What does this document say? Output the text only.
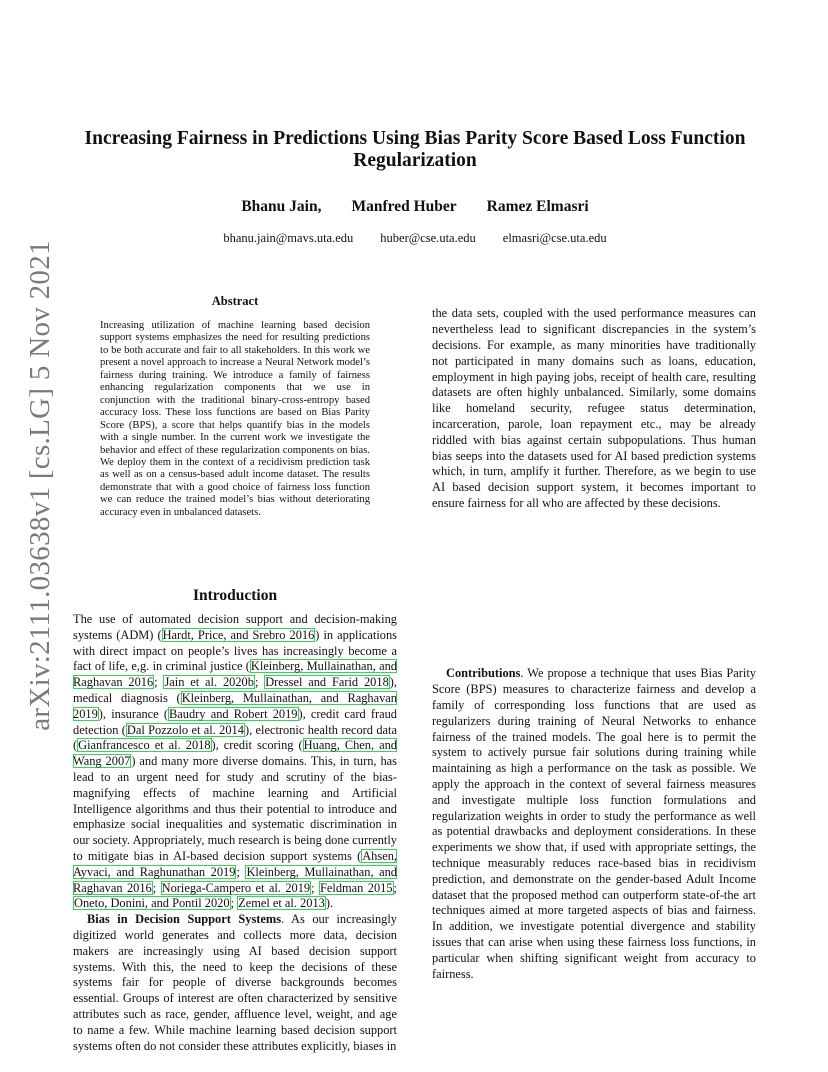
arXiv:2111.03638v1 [cs.LG] 5 Nov 2021
Increasing Fairness in Predictions Using Bias Parity Score Based Loss Function Regularization
Bhanu Jain, Manfred Huber Ramez Elmasri
bhanu.jain@mavs.uta.edu huber@cse.uta.edu elmasri@cse.uta.edu
Abstract

Increasing utilization of machine learning based decision support systems emphasizes the need for resulting predictions to be both accurate and fair to all stakeholders. In this work we present a novel approach to increase a Neural Network model’s fairness during training. We introduce a family of fairness enhancing regularization components that we use in conjunction with the traditional binary-cross-entropy based accuracy loss. These loss functions are based on Bias Parity Score (BPS), a score that helps quantify bias in the models with a single number. In the current work we investigate the behavior and effect of these regularization components on bias. We deploy them in the context of a recidivism prediction task as well as on a census-based adult income dataset. The results demonstrate that with a good choice of fairness loss function we can reduce the trained model’s bias without deteriorating accuracy even in unbalanced datasets.

Introduction

The use of automated decision support and decision-making systems (ADM) (Hardt, Price, and Srebro 2016) in applications with direct impact on people’s lives has increasingly become a fact of life, e,g. in criminal justice (Kleinberg, Mullainathan, and Raghavan 2016; Jain et al. 2020b; Dressel and Farid 2018), medical diagnosis (Kleinberg, Mullainathan, and Raghavan 2019), insurance (Baudry and Robert 2019), credit card fraud detection (Dal Pozzolo et al. 2014), electronic health record data (Gianfrancesco et al. 2018), credit scoring (Huang, Chen, and Wang 2007) and many more diverse domains. This, in turn, has lead to an urgent need for study and scrutiny of the bias-magnifying effects of machine learning and Artificial Intelligence algorithms and thus their potential to introduce and emphasize social inequalities and systematic discrimination in our society. Appropriately, much research is being done currently to mitigate bias in AI-based decision support systems (Ahsen, Ayvaci, and Raghunathan 2019; Kleinberg, Mullainathan, and Raghavan 2016; Noriega-Campero et al. 2019; Feldman 2015; Oneto, Donini, and Pontil 2020; Zemel et al. 2013).

Bias in Decision Support Systems. As our increasingly digitized world generates and collects more data, decision makers are increasingly using AI based decision support systems. With this, the need to keep the decisions of these systems fair for people of diverse backgrounds becomes essential. Groups of interest are often characterized by sensitive attributes such as race, gender, affluence level, weight, and age to name a few. While machine learning based decision support systems often do not consider these attributes explicitly, biases in

the data sets, coupled with the used performance measures can nevertheless lead to significant discrepancies in the system’s decisions. For example, as many minorities have traditionally not participated in many domains such as loans, education, employment in high paying jobs, receipt of health care, resulting datasets are often highly unbalanced. Similarly, some domains like homeland security, refugee status determination, incarceration, parole, loan repayment etc., may be already riddled with bias against certain subpopulations. Thus human bias seeps into the datasets used for AI based prediction systems which, in turn, amplify it further. Therefore, as we begin to use AI based decision support system, it becomes important to ensure fairness for all who are affected by these decisions.

Contributions. We propose a technique that uses Bias Parity Score (BPS) measures to characterize fairness and develop a family of corresponding loss functions that are used as regularizers during training of Neural Networks to enhance fairness of the trained models. The goal here is to permit the system to actively pursue fair solutions during training while maintaining as high a performance on the task as possible. We apply the approach in the context of several fairness measures and investigate multiple loss function formulations and regularization weights in order to study the performance as well as potential drawbacks and deployment considerations. In these experiments we show that, if used with appropriate settings, the technique measurably reduces race-based bias in recidivism prediction, and demonstrate on the gender-based Adult Income dataset that the proposed method can outperform state-of-the art techniques aimed at more targeted aspects of bias and fairness. In addition, we investigate potential divergence and stability issues that can arise when using these fairness loss functions, in particular when shifting significant weight from accuracy to fairness.
